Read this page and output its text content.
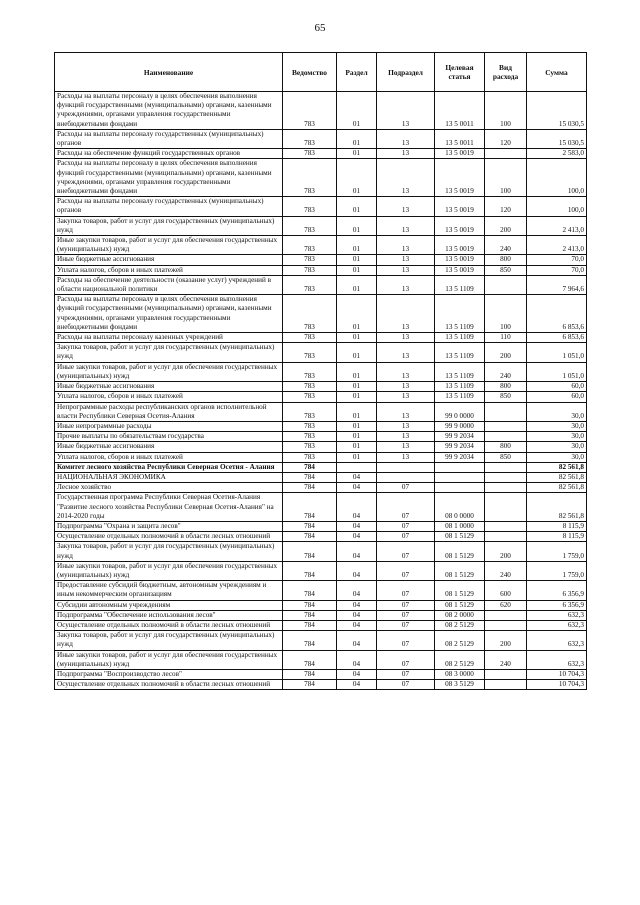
65
Наименование	Ведомство	Раздел	Подраздел	Целевая статья	Вид расхода	Сумма
Расходы на выплаты персоналу в целях обеспечения выполнения функций государственными (муниципальными) органами, казенными учреждениями, органами управления государственными внебюджетными фондами	783	01	13	13 5 0011	100	15 030,5
Расходы на выплаты персоналу государственных (муниципальных) органов	783	01	13	13 5 0011	120	15 030,5
Расходы на обеспечение функций государственных органов	783	01	13	13 5 0019		2 583,0
Расходы на выплаты персоналу в целях обеспечения выполнения функций государственными (муниципальными) органами, казенными учреждениями, органами управления государственными внебюджетными фондами	783	01	13	13 5 0019	100	100,0
Расходы на выплаты персоналу государственных (муниципальных) органов	783	01	13	13 5 0019	120	100,0
Закупка товаров, работ и услуг для государственных (муниципальных) нужд	783	01	13	13 5 0019	200	2 413,0
Иные закупки товаров, работ и услуг для обеспечения государственных (муниципальных) нужд	783	01	13	13 5 0019	240	2 413,0
Иные бюджетные ассигнования	783	01	13	13 5 0019	800	70,0
Уплата налогов, сборов и иных платежей	783	01	13	13 5 0019	850	70,0
Расходы на обеспечение деятельности (оказание услуг) учреждений в области национальной политики	783	01	13	13 5 1109		7 964,6
Расходы на выплаты персоналу в целях обеспечения выполнения функций государственными (муниципальными) органами, казенными учреждениями, органами управления государственными внебюджетными фондами	783	01	13	13 5 1109	100	6 853,6
Расходы на выплаты персоналу казенных учреждений	783	01	13	13 5 1109	110	6 853,6
Закупка товаров, работ и услуг для государственных (муниципальных) нужд	783	01	13	13 5 1109	200	1 051,0
Иные закупки товаров, работ и услуг для обеспечения государственных (муниципальных) нужд	783	01	13	13 5 1109	240	1 051,0
Иные бюджетные ассигнования	783	01	13	13 5 1109	800	60,0
Уплата налогов, сборов и иных платежей	783	01	13	13 5 1109	850	60,0
Непрограммные расходы республиканских органов исполнительной власти Республики Северная Осетия-Алания	783	01	13	99 0 0000		30,0
Иные непрограммные расходы	783	01	13	99 9 0000		30,0
Прочие выплаты по обязательствам государства	783	01	13	99 9 2034		30,0
Иные бюджетные ассигнования	783	01	13	99 9 2034	800	30,0
Уплата налогов, сборов и иных платежей	783	01	13	99 9 2034	850	30,0
Комитет лесного хозяйства Республики Северная Осетия - Алания	784					82 561,8
НАЦИОНАЛЬНАЯ ЭКОНОМИКА	784	04				82 561,8
Лесное хозяйство	784	04	07			82 561,8
Государственная программа Республики Северная Осетия-Алания "Развитие лесного хозяйства Республики Северная Осетия-Алания" на 2014-2020 годы	784	04	07	08 0 0000		82 561,8
Подпрограмма "Охрана и защита лесов"	784	04	07	08 1 0000		8 115,9
Осуществление отдельных полномочий в области лесных отношений	784	04	07	08 1 5129		8 115,9
Закупка товаров, работ и услуг для государственных (муниципальных) нужд	784	04	07	08 1 5129	200	1 759,0
Иные закупки товаров, работ и услуг для обеспечения государственных (муниципальных) нужд	784	04	07	08 1 5129	240	1 759,0
Предоставление субсидий бюджетным, автономным учреждениям и иным некоммерческим организациям	784	04	07	08 1 5129	600	6 356,9
Субсидии автономным учреждениям	784	04	07	08 1 5129	620	6 356,9
Подпрограмма "Обеспечение использования лесов"	784	04	07	08 2 0000		632,3
Осуществление отдельных полномочий в области лесных отношений	784	04	07	08 2 5129		632,3
Закупка товаров, работ и услуг для государственных (муниципальных) нужд	784	04	07	08 2 5129	200	632,3
Иные закупки товаров, работ и услуг для обеспечения государственных (муниципальных) нужд	784	04	07	08 2 5129	240	632,3
Подпрограмма "Воспроизводство лесов"	784	04	07	08 3 0000		10 704,3
Осуществление отдельных полномочий в области лесных отношений	784	04	07	08 3 5129		10 704,3
